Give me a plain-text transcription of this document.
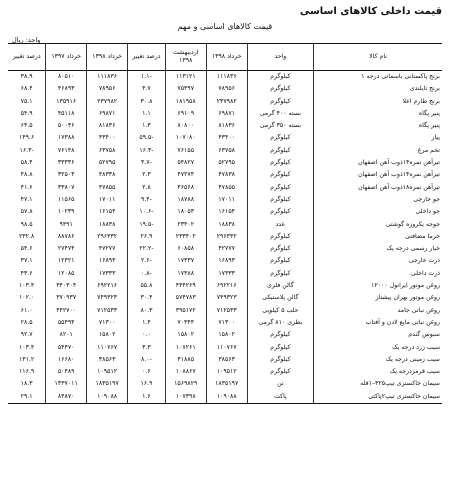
قیمت داخلی کالاهای اساسی
قیمت کالاهای اساسی و مهم
واحد: ریال
نام کالا	واحد	خرداد ۱۳۹۸	اردیبهشت ۱۳۹۸	درصد تغییر	خرداد ۱۳۹۸	خرداد ۱۳۹۷	درصد تغییر
برنج پاکستانی باسماتی درجه ۱	کیلوگرم	۱۱۱۸۳۶	۱۱۳۱۲۱	-۱.۱	۱۱۱۸۳۶	۸۰۵۱۰	۳۸.۹
برنج تایلندی	کیلوگرم	۷۸۹۵۶	۷۵۳۹۷	۴.۷	۷۸۹۵۶	۴۶۸۹۳	۶۸.۴
برنج طارم اعلا	کیلوگرم	۲۳۷۹۸۲	۱۸۱۹۵۸	۳۰.۸	۲۳۷۹۸۲	۱۳۵۹۱۶	۷۵.۱
پنیر پگاه	بسته ۴۰۰ گرمی	۶۹۸۷۱	۶۹۱۰۹	۱.۱	۶۹۸۷۱	۴۵۱۱۸	۵۴.۹
پنیر پگاه	بسته ۳۵۰ گرمی	۸۱۸۳۶	۸۰۸۰۰	۱.۳	۸۱۸۳۶	۵۰۰۳۶	۶۳.۵
پیاز	کیلوگرم	۴۳۴۰۰	۱۰۷۰۸۰	-۵۹.۵	۴۳۴۰۰	۱۷۳۸۸	۱۴۹.۶
تخم مرغ	کیلوگرم	۶۳۷۵۸	۷۶۱۵۵	-۱۶.۳	۶۳۷۵۸	۷۶۱۴۸	-۱۶.۳
تیرآهن نمره۱۴ذوب آهن اصفهان	کیلوگرم	۵۲۷۹۵	۵۴۸۲۷	-۳.۷	۵۲۷۹۵	۳۳۳۳۶	۵۸.۴
تیرآهن نمره۱۴ذوب آهن اصفهان	کیلوگرم	۴۷۸۳۸	۴۷۲۷۴	۲.۳	۴۸۳۳۸	۳۲۵۰۳	۴۸.۸
تیرآهن نمره۱۸ذوب آهن اصفهان	کیلوگرم	۴۷۸۵۵	۴۶۵۶۸	۲.۸	۴۷۸۵۵	۳۳۸۰۷	۴۱.۶
جو خارجی	کیلوگرم	۱۷۰۱۱	۱۸۷۸۸	-۹.۴	۱۷۰۱۱	۱۱۵۶۵	۴۷.۱
جو داخلی	کیلوگرم	۱۶۱۵۴	۱۸۰۵۳	-۱۰.۶	۱۶۱۵۴	۱۰۲۳۹	۵۷.۸
جوجه یکروزه گوشتی	عدد	۱۸۸۳۸	۲۳۴۰۲	-۱۹.۵	۱۸۸۳۸	۹۴۹۱	۹۸.۵
خرما مضافتی	کیلوگرم	۲۹۶۳۳۲	۲۳۳۴۰۲	۲۶.۹	۲۹۶۳۳۲	۸۸۷۸۶	۲۳۲.۸
خیار رسمی درجه یک	کیلوگرم	۴۲۷۷۷	۶۰۸۵۸	-۲۲.۲	۴۷۲۷۷	۲۷۴۷۴	۵۴.۶
ذرت خارجی	کیلوگرم	۱۶۸۹۳	۱۷۳۳۷	-۲.۶	۱۶۸۹۳	۱۲۳۲۱	۳۷.۱
ذرت داخلی	کیلوگرم	۱۷۳۳۳	۱۷۳۸۸	-۰.۸	۱۷۳۳۳	۱۲۰۸۵	۴۳.۶
روغن موتور ایرانول ۱۲۰۰۰	گالن فلزی	۶۹۲۲۱۶	۴۴۴۲۶۹	۵۵.۸	۶۹۲۲۱۶	۳۴۰۳۰۴	۱۰۳.۴
روغن موتور بهران پیشتاز	گالن پلاستیکی	۷۴۹۳۲۳	۵۷۴۷۸۳	۳۰.۴	۷۴۹۳۲۳	۳۷۰۹۳۷	۱۰۲.۰
روغن نباتی جامد	حلب ۵ کیلویی	۷۱۲۵۳۳	۳۹۵۱۷۲	۸۰.۳	۷۱۲۵۳۳	۴۴۲۷۰۰	۶۱.۰
روغن نباتی مایع لادن و آفتاب	بطری ۸۱۰ گرمی	۷۱۳۰۰	۷۰۳۴۴	۱.۴	۷۱۳۰۰	۵۵۴۹۴	۲۸.۵
سبوس گندم	کیلوگرم	۱۵۸۰۲	۱۵۸۰۲	۰.۰	۱۵۸۰۲	۸۲۰۱	۹۲.۷
سیب زرد درجه یک	کیلوگرم	۱۱۰۷۶۷	۱۰۷۲۶۱	۳.۳	۱۱۰۷۶۷	۵۴۴۷۰	۱۰۳.۴
سیب زمینی درجه یک	کیلوگرم	۳۸۵۶۳	۴۱۸۸۵	-۸.۰	۳۸۵۶۳	۱۶۶۸۰	۱۳۱.۲
سیب قرمزدرجه یک	کیلوگرم	۱۰۹۵۱۲	۱۰۸۸۶۷	۰.۶	۱۰۹۵۱۲	۵۰۴۸۹	۱۱۶.۹
سیمان خاکستری تیپ۳۲۵–۱قله	تن	۱۸۳۵۱۹۷	۱۵۶۹۸۲۹	۱۶.۹	۱۸۳۵۱۹۷	۱۳۳۷۰۱۱	۱۸.۳
سیمان خاکستری تیپ۲پاکتی	پاکت	۱۰۹۰۸۸	۱۰۷۳۹۸	۱.۶	۱۰۹۰۸۸	۸۴۸۷۰	۲۹.۱
